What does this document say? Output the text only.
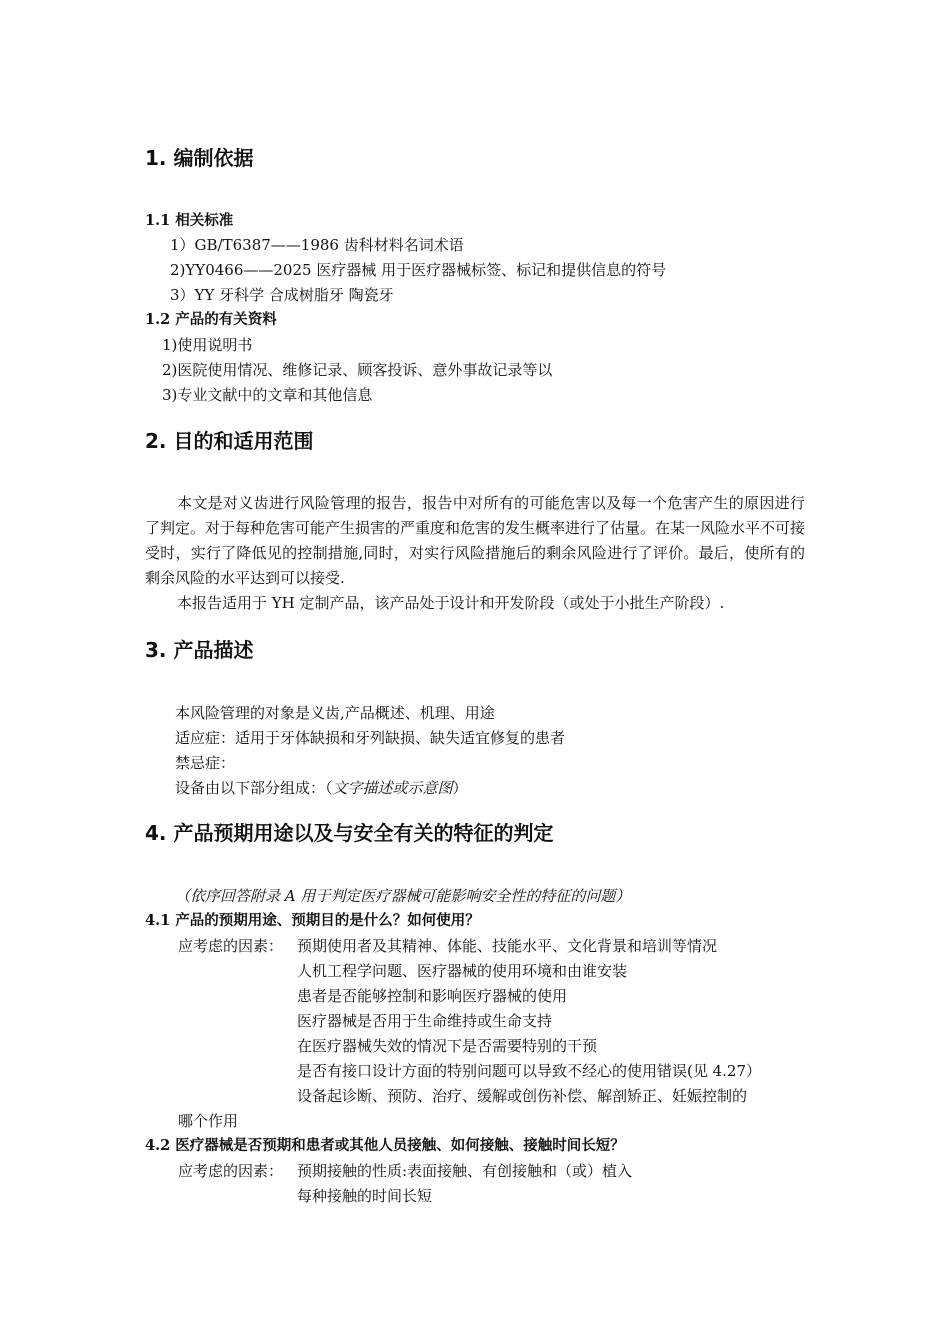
1. 编制依据
1.1 相关标准
1）GB/T6387——1986 齿科材料名词术语
2)YY0466——2025 医疗器械 用于医疗器械标签、标记和提供信息的符号
3）YY 牙科学 合成树脂牙 陶瓷牙
1.2 产品的有关资料
1)使用说明书
2)医院使用情况、维修记录、顾客投诉、意外事故记录等以
3)专业文献中的文章和其他信息
2. 目的和适用范围
本文是对义齿进行风险管理的报告，报告中对所有的可能危害以及每一个危害产生的原因进行了判定。对于每种危害可能产生损害的严重度和危害的发生概率进行了估量。在某一风险水平不可接受时，实行了降低见的控制措施,同时，对实行风险措施后的剩余风险进行了评价。最后，使所有的剩余风险的水平达到可以接受.
本报告适用于 YH 定制产品，该产品处于设计和开发阶段（或处于小批生产阶段）.
3. 产品描述
本风险管理的对象是义齿,产品概述、机理、用途
适应症：适用于牙体缺损和牙列缺损、缺失适宜修复的患者
禁忌症：
设备由以下部分组成：（文字描述或示意图）
4. 产品预期用途以及与安全有关的特征的判定
（依序回答附录 A 用于判定医疗器械可能影响安全性的特征的问题）
4.1 产品的预期用途、预期目的是什么？如何使用？
应考虑的因素： 预期使用者及其精神、体能、技能水平、文化背景和培训等情况
人机工程学问题、医疗器械的使用环境和由谁安装
患者是否能够控制和影响医疗器械的使用
医疗器械是否用于生命维持或生命支持
在医疗器械失效的情况下是否需要特别的干预
是否有接口设计方面的特别问题可以导致不经心的使用错误(见 4.27）
设备起诊断、预防、治疗、缓解或创伤补偿、解剖矫正、妊娠控制的
哪个作用
4.2 医疗器械是否预期和患者或其他人员接触、如何接触、接触时间长短？
应考虑的因素： 预期接触的性质:表面接触、有创接触和（或）植入
每种接触的时间长短
